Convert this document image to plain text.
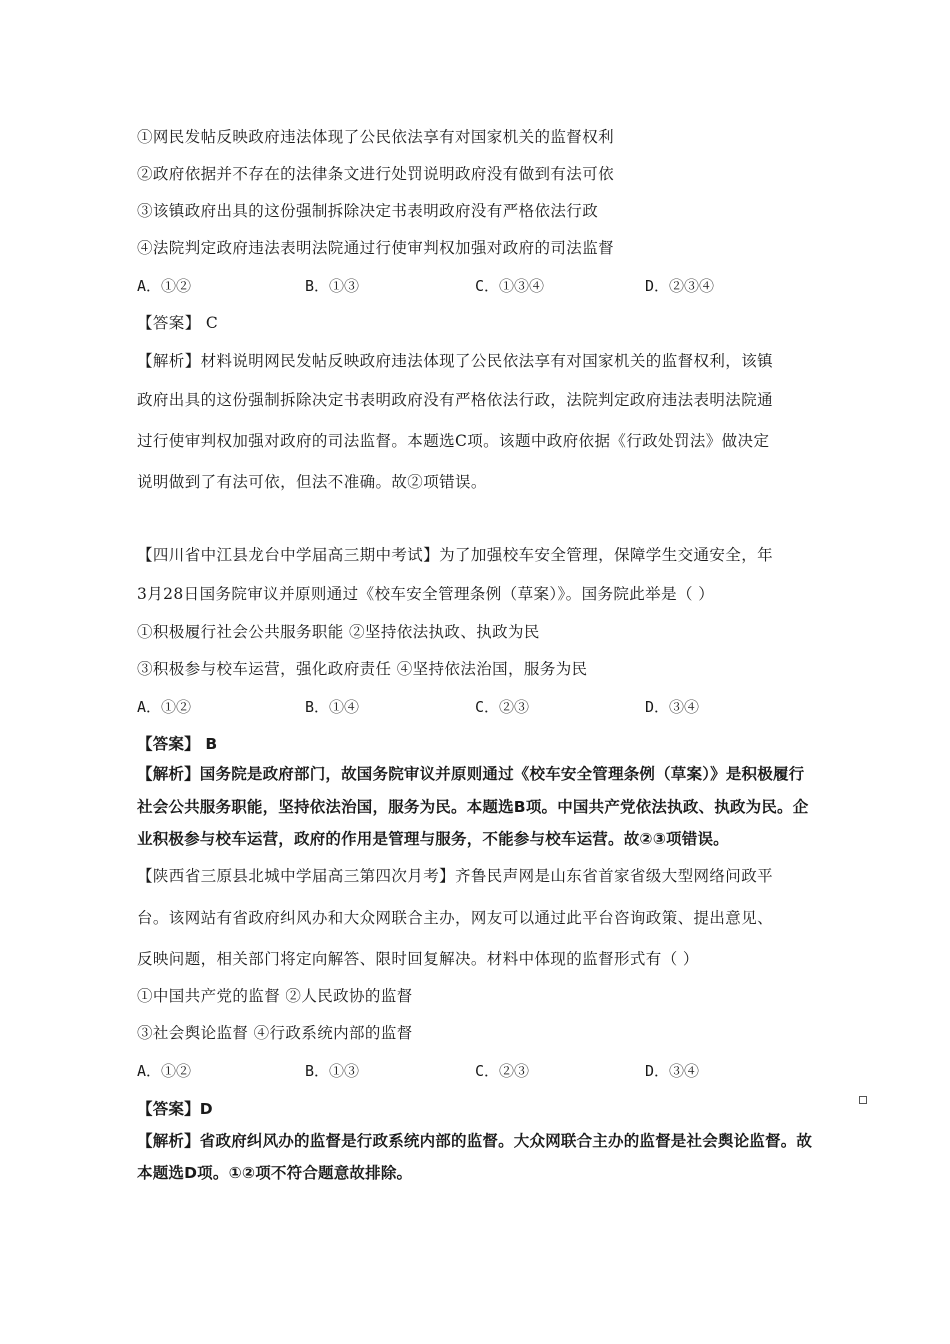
①网民发帖反映政府违法体现了公民依法享有对国家机关的监督权利
②政府依据并不存在的法律条文进行处罚说明政府没有做到有法可依
③该镇政府出具的这份强制拆除决定书表明政府没有严格依法行政
④法院判定政府违法表明法院通过行使审判权加强对政府的司法监督
A．①②	B．①③	C．①③④	D．②③④
【答案】 C
【解析】材料说明网民发帖反映政府违法体现了公民依法享有对国家机关的监督权利，该镇
政府出具的这份强制拆除决定书表明政府没有严格依法行政，法院判定政府违法表明法院通
过行使审判权加强对政府的司法监督。本题选C项。该题中政府依据《行政处罚法》做决定
说明做到了有法可依，但法不准确。故②项错误。
【四川省中江县龙台中学届高三期中考试】为了加强校车安全管理，保障学生交通安全，年
3月28日国务院审议并原则通过《校车安全管理条例（草案）》。国务院此举是（ ）
①积极履行社会公共服务职能 ②坚持依法执政、执政为民
③积极参与校车运营，强化政府责任 ④坚持依法治国，服务为民
A．①②	B．①④	C．②③	D．③④
【答案】 B
【解析】国务院是政府部门，故国务院审议并原则通过《校车安全管理条例（草案）》是积极履行
社会公共服务职能，坚持依法治国，服务为民。本题选B项。中国共产党依法执政、执政为民。企
业积极参与校车运营，政府的作用是管理与服务，不能参与校车运营。故②③项错误。
【陕西省三原县北城中学届高三第四次月考】齐鲁民声网是山东省首家省级大型网络问政平
台。该网站有省政府纠风办和大众网联合主办，网友可以通过此平台咨询政策、提出意见、
反映问题，相关部门将定向解答、限时回复解决。材料中体现的监督形式有（ ）
①中国共产党的监督 ②人民政协的监督
③社会舆论监督 ④行政系统内部的监督
A．①②	B．①③	C．②③	D．③④
【答案】D
【解析】省政府纠风办的监督是行政系统内部的监督。大众网联合主办的监督是社会舆论监督。故
本题选D项。①②项不符合题意故排除。
